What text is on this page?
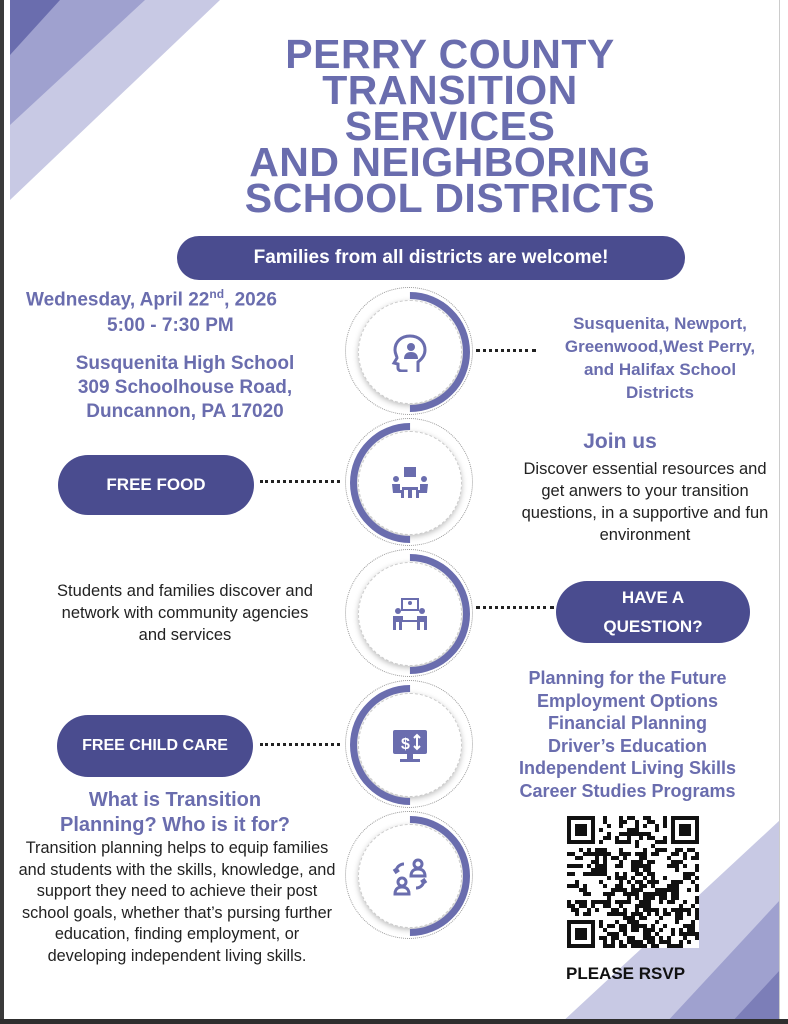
PERRY COUNTY
TRANSITION
SERVICES
AND NEIGHBORING
SCHOOL DISTRICTS
Families from all districts are welcome!
Wednesday, April 22nd, 2026
5:00 - 7:30 PM
Susquenita High School
309 Schoolhouse Road,
Duncannon, PA 17020
Susquenita, Newport,
Greenwood,West Perry,
and Halifax School
Districts
$
FREE FOOD
Join us
Discover essential resources and get anwers to your transition questions, in a supportive and fun environment
Students and families discover and network with community agencies and services
HAVE A
QUESTION?
Planning for the Future
Employment Options
Financial Planning
Driver’s Education
Independent Living Skills
Career Studies Programs
FREE CHILD CARE
What is Transition
Planning? Who is it for?
Transition planning helps to equip families and students with the skills, knowledge, and support they need to achieve their post school goals, whether that’s pursing further education, finding employment, or developing independent living skills.
PLEASE RSVP
